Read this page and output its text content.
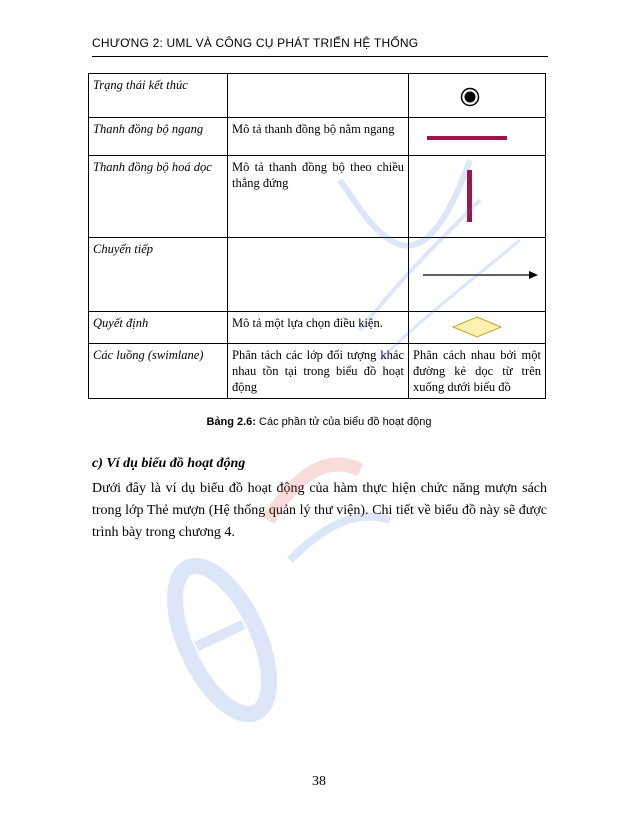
CHƯƠNG 2: UML VÀ CÔNG CỤ PHÁT TRIỂN HỆ THỐNG
Trạng thái kết thúc		

Thanh đồng bộ ngang	Mô tả thanh đồng bộ nằm ngang	

Thanh đồng bộ hoá dọc	Mô tả thanh đồng bộ theo chiều thẳng đứng	

Chuyển tiếp		

Quyết định	Mô tả một lựa chọn điều kiện.	

Các luồng (swimlane)	Phân tách các lớp đối tượng khác nhau tồn tại trong biểu đồ hoạt động	Phân cách nhau bởi một đường kẻ dọc từ trên xuống dưới biểu đồ
Bảng 2.6: Các phần tử của biểu đồ hoạt động
c) Ví dụ biểu đồ hoạt động
Dưới đây là ví dụ biểu đồ hoạt động của hàm thực hiện chức năng mượn sách trong lớp Thẻ mượn (Hệ thống quản lý thư viện). Chi tiết về biểu đồ này sẽ được trình bày trong chương 4.
38
